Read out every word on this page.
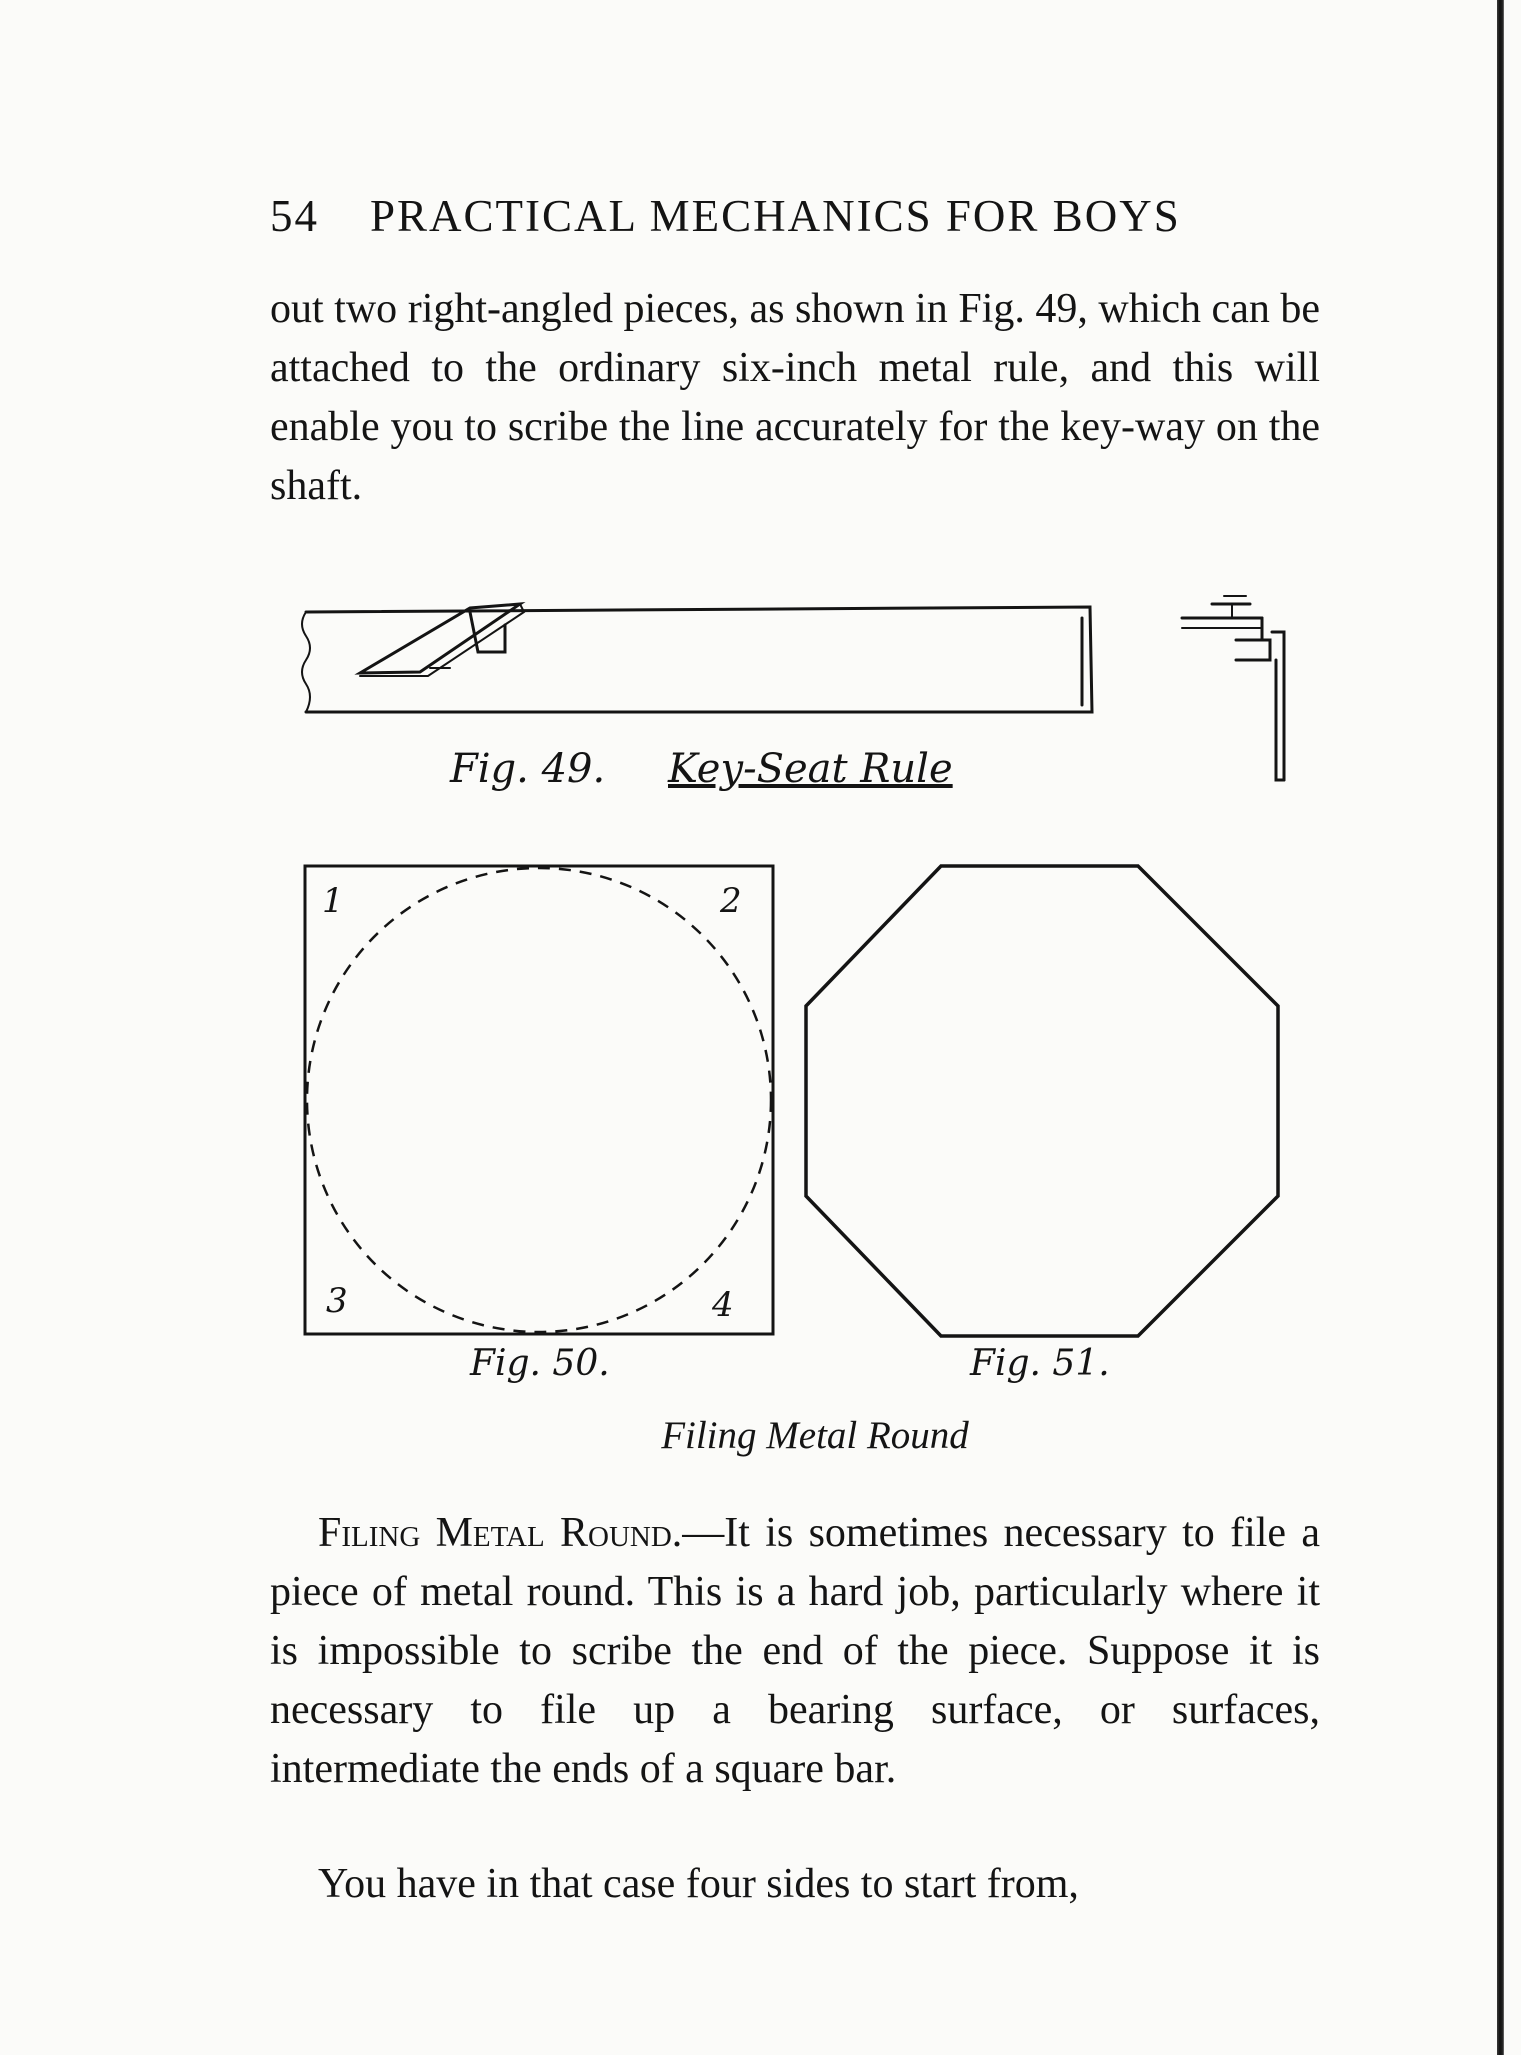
54 PRACTICAL MECHANICS FOR BOYS
out two right-angled pieces, as shown in Fig. 49, which can be attached to the ordinary six-inch metal rule, and this will enable you to scribe the line accurately for the key-way on the shaft.
Fig. 49. Key-Seat Rule
1	2
3	4
Fig. 50.	Fig. 51.
Filing Metal Round
Filing Metal Round.—It is sometimes necessary to file a piece of metal round. This is a hard job, particularly where it is impossible to scribe the end of the piece. Suppose it is necessary to file up a bearing surface, or surfaces, intermediate the ends of a square bar.
You have in that case four sides to start from,
